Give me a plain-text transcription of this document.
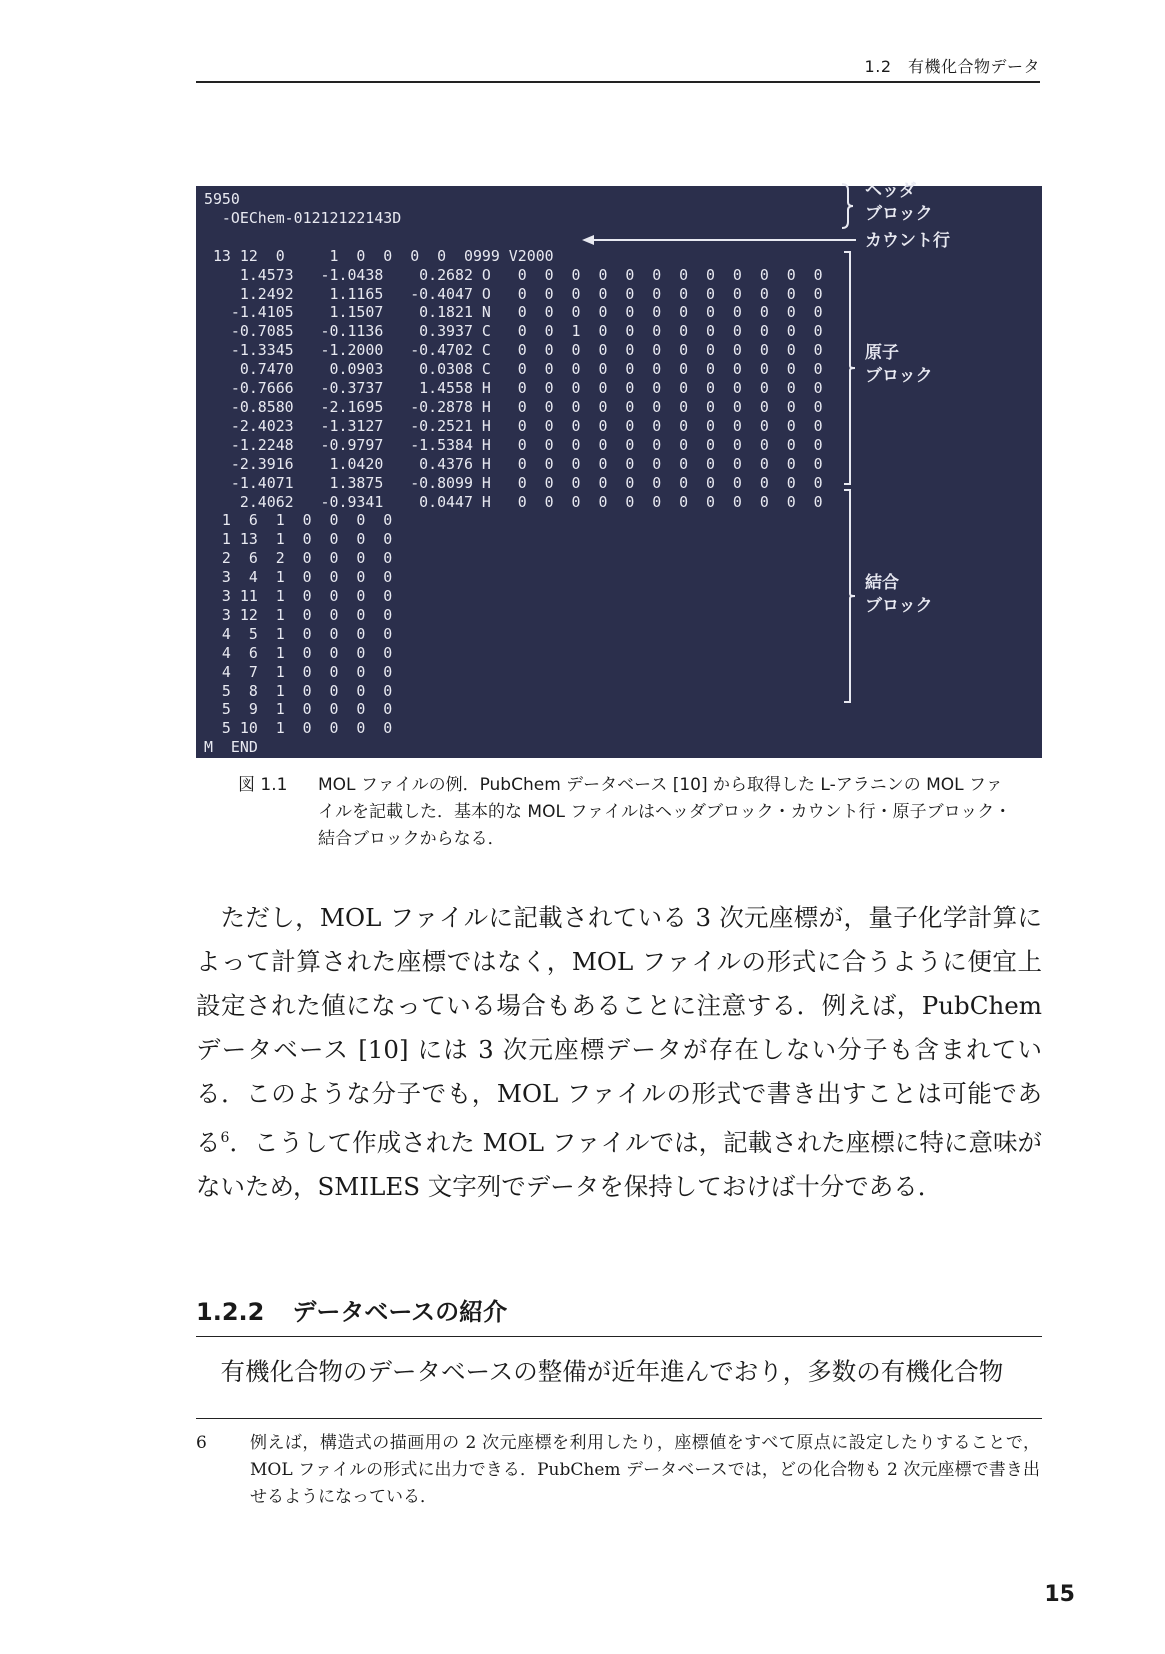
1.2　有機化合物データ
5950
-OEChem-01212122143D

13 12  0     1  0  0  0  0  0999 V2000
1.4573   -1.0438    0.2682 O   0  0  0  0  0  0  0  0  0  0  0  0
1.2492    1.1165   -0.4047 O   0  0  0  0  0  0  0  0  0  0  0  0
-1.4105    1.1507    0.1821 N   0  0  0  0  0  0  0  0  0  0  0  0
-0.7085   -0.1136    0.3937 C   0  0  1  0  0  0  0  0  0  0  0  0
-1.3345   -1.2000   -0.4702 C   0  0  0  0  0  0  0  0  0  0  0  0
0.7470    0.0903    0.0308 C   0  0  0  0  0  0  0  0  0  0  0  0
-0.7666   -0.3737    1.4558 H   0  0  0  0  0  0  0  0  0  0  0  0
-0.8580   -2.1695   -0.2878 H   0  0  0  0  0  0  0  0  0  0  0  0
-2.4023   -1.3127   -0.2521 H   0  0  0  0  0  0  0  0  0  0  0  0
-1.2248   -0.9797   -1.5384 H   0  0  0  0  0  0  0  0  0  0  0  0
-2.3916    1.0420    0.4376 H   0  0  0  0  0  0  0  0  0  0  0  0
-1.4071    1.3875   -0.8099 H   0  0  0  0  0  0  0  0  0  0  0  0
2.4062   -0.9341    0.0447 H   0  0  0  0  0  0  0  0  0  0  0  0
1  6  1  0  0  0  0
1 13  1  0  0  0  0
2  6  2  0  0  0  0
3  4  1  0  0  0  0
3 11  1  0  0  0  0
3 12  1  0  0  0  0
4  5  1  0  0  0  0
4  6  1  0  0  0  0
4  7  1  0  0  0  0
5  8  1  0  0  0  0
5  9  1  0  0  0  0
5 10  1  0  0  0  0
M  END
ヘッダ
ブロック
カウント行
原子
ブロック
結合
ブロック
図 1.1 MOL ファイルの例．PubChem データベース [10] から取得した L-アラニンの MOL ファイルを記載した．基本的な MOL ファイルはヘッダブロック・カウント行・原子ブロック・結合ブロックからなる．

ただし，MOL ファイルに記載されている 3 次元座標が，量子化学計算によって計算された座標ではなく，MOL ファイルの形式に合うように便宜上設定された値になっている場合もあることに注意する．例えば，PubChem データベース [10] には 3 次元座標データが存在しない分子も含まれている．このような分子でも，MOL ファイルの形式で書き出すことは可能である$^6$．こうして作成された MOL ファイルでは，記載された座標に特に意味がないため，SMILES 文字列でデータを保持しておけば十分である．

1.2.2 データベースの紹介

有機化合物のデータベースの整備が近年進んでおり，多数の有機化合物

6	例えば，構造式の描画用の 2 次元座標を利用したり，座標値をすべて原点に設定したりすることで，MOL ファイルの形式に出力できる．PubChem データベースでは，どの化合物も 2 次元座標で書き出せるようになっている．
15
